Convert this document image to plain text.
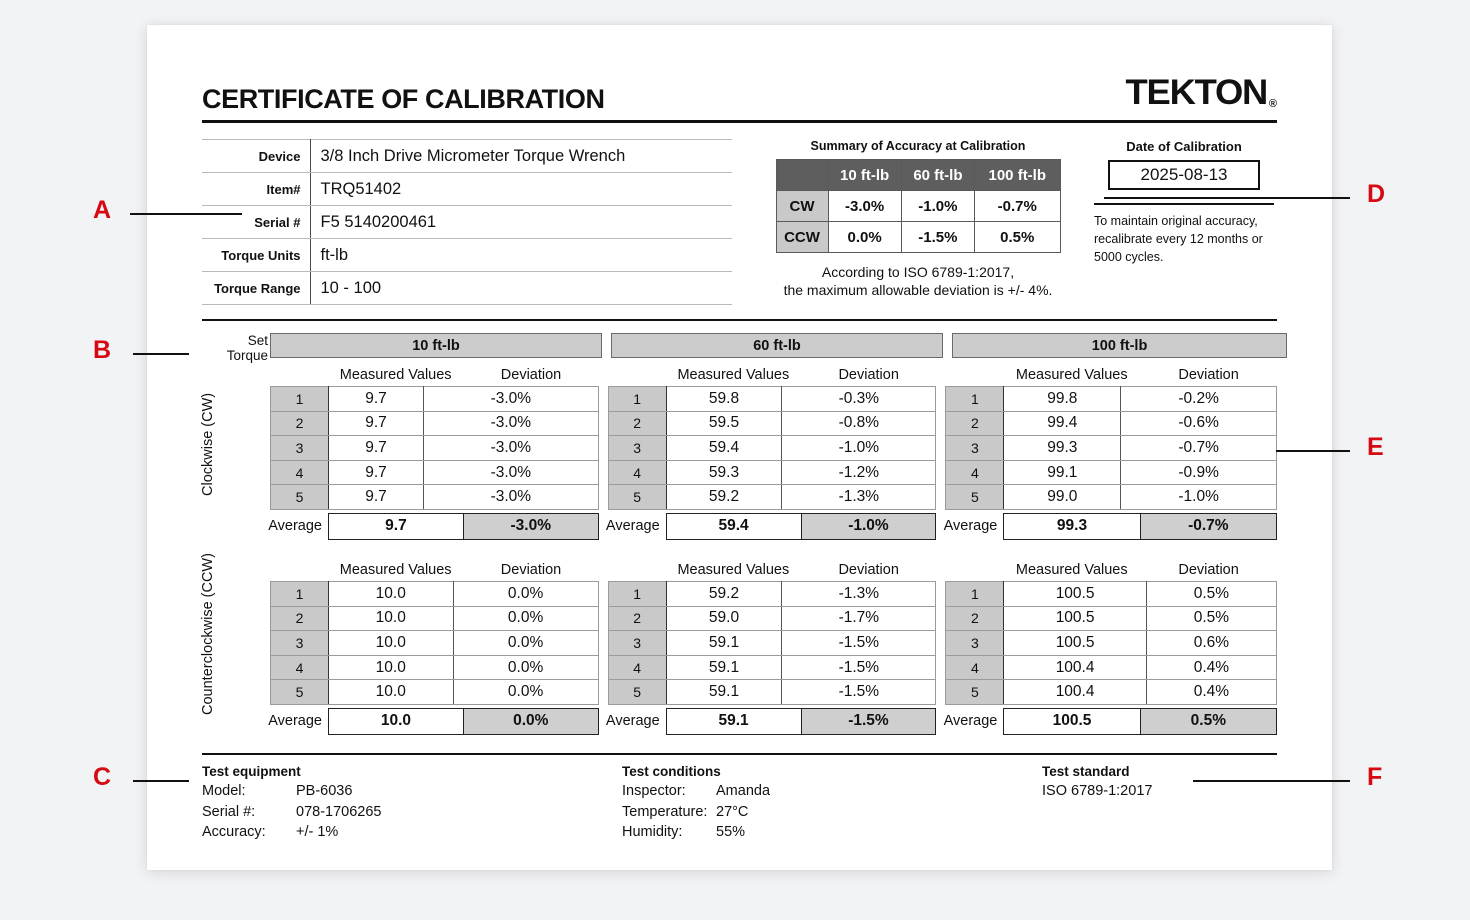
CERTIFICATE OF CALIBRATION	TEKTON ®
Device	3/8 Inch Drive Micrometer Torque Wrench
Item#	TRQ51402
Serial #	F5 5140200461
Torque Units	ft-lb
Torque Range	10 - 100
Summary of Accuracy at Calibration
	10 ft-lb	60 ft-lb	100 ft-lb
CW	-3.0%	-1.0%	-0.7%
CCW	0.0%	-1.5%	0.5%
According to ISO 6789-1:2017,
the maximum allowable deviation is +/- 4%.
Date of Calibration
2025-08-13
To maintain original accuracy, recalibrate every 12 months or 5000 cycles.
Set
Torque
Clockwise (CW)
Counterclockwise (CCW)
10 ft-lb	60 ft-lb	100 ft-lb
Measured Values	Deviation
1	9.7	-3.0%
2	9.7	-3.0%
3	9.7	-3.0%
4	9.7	-3.0%
5	9.7	-3.0%
Average	9.7	-3.0%
Measured Values	Deviation
1	59.8	-0.3%
2	59.5	-0.8%
3	59.4	-1.0%
4	59.3	-1.2%
5	59.2	-1.3%
Average	59.4	-1.0%
Measured Values	Deviation
1	99.8	-0.2%
2	99.4	-0.6%
3	99.3	-0.7%
4	99.1	-0.9%
5	99.0	-1.0%
Average	99.3	-0.7%
Measured Values	Deviation
1	10.0	0.0%
2	10.0	0.0%
3	10.0	0.0%
4	10.0	0.0%
5	10.0	0.0%
Average	10.0	0.0%
Measured Values	Deviation
1	59.2	-1.3%
2	59.0	-1.7%
3	59.1	-1.5%
4	59.1	-1.5%
5	59.1	-1.5%
Average	59.1	-1.5%
Measured Values	Deviation
1	100.5	0.5%
2	100.5	0.5%
3	100.5	0.6%
4	100.4	0.4%
5	100.4	0.4%
Average	100.5	0.5%
Test equipment
Model:	PB-6036
Serial #:	078-1706265
Accuracy:	+/- 1%
Test conditions
Inspector:	Amanda
Temperature: 27°C
Humidity:	55%
Test standard
ISO 6789-1:2017
A
B
C
D
E
F
